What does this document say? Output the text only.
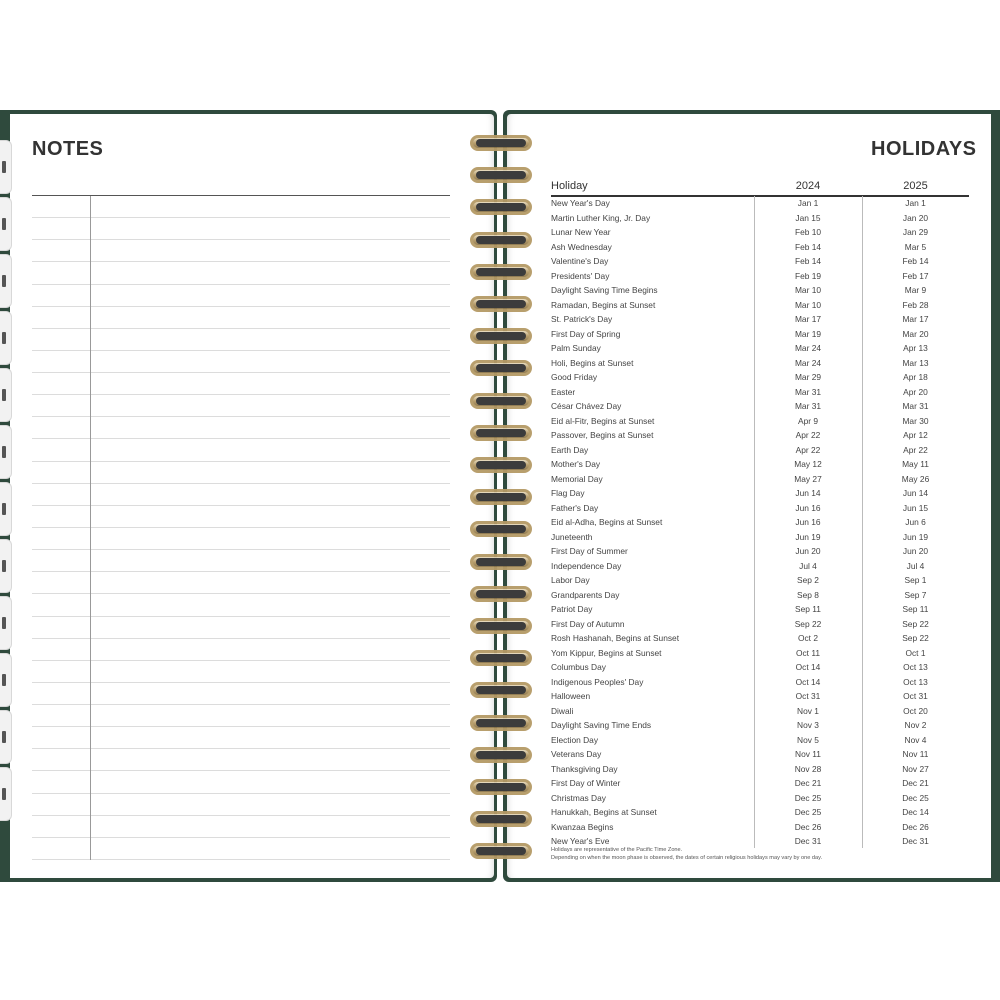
NOTES	HOLIDAYS
Holiday	2024	2025
New Year's Day	Jan 1	Jan 1
Martin Luther King, Jr. Day	Jan 15	Jan 20
Lunar New Year	Feb 10	Jan 29
Ash Wednesday	Feb 14	Mar 5
Valentine's Day	Feb 14	Feb 14
Presidents' Day	Feb 19	Feb 17
Daylight Saving Time Begins	Mar 10	Mar 9
Ramadan, Begins at Sunset	Mar 10	Feb 28
St. Patrick's Day	Mar 17	Mar 17
First Day of Spring	Mar 19	Mar 20
Palm Sunday	Mar 24	Apr 13
Holi, Begins at Sunset	Mar 24	Mar 13
Good Friday	Mar 29	Apr 18
Easter	Mar 31	Apr 20
César Chávez Day	Mar 31	Mar 31
Eid al-Fitr, Begins at Sunset	Apr 9	Mar 30
Passover, Begins at Sunset	Apr 22	Apr 12
Earth Day	Apr 22	Apr 22
Mother's Day	May 12	May 11
Memorial Day	May 27	May 26
Flag Day	Jun 14	Jun 14
Father's Day	Jun 16	Jun 15
Eid al-Adha, Begins at Sunset	Jun 16	Jun 6
Juneteenth	Jun 19	Jun 19
First Day of Summer	Jun 20	Jun 20
Independence Day	Jul 4	Jul 4
Labor Day	Sep 2	Sep 1
Grandparents Day	Sep 8	Sep 7
Patriot Day	Sep 11	Sep 11
First Day of Autumn	Sep 22	Sep 22
Rosh Hashanah, Begins at Sunset	Oct 2	Sep 22
Yom Kippur, Begins at Sunset	Oct 11	Oct 1
Columbus Day	Oct 14	Oct 13
Indigenous Peoples' Day	Oct 14	Oct 13
Halloween	Oct 31	Oct 31
Diwali	Nov 1	Oct 20
Daylight Saving Time Ends	Nov 3	Nov 2
Election Day	Nov 5	Nov 4
Veterans Day	Nov 11	Nov 11
Thanksgiving Day	Nov 28	Nov 27
First Day of Winter	Dec 21	Dec 21
Christmas Day	Dec 25	Dec 25
Hanukkah, Begins at Sunset	Dec 25	Dec 14
Kwanzaa Begins	Dec 26	Dec 26
New Year's Eve	Dec 31	Dec 31
Holidays are representative of the Pacific Time Zone.
Depending on when the moon phase is observed, the dates of certain religious holidays may vary by one day.
